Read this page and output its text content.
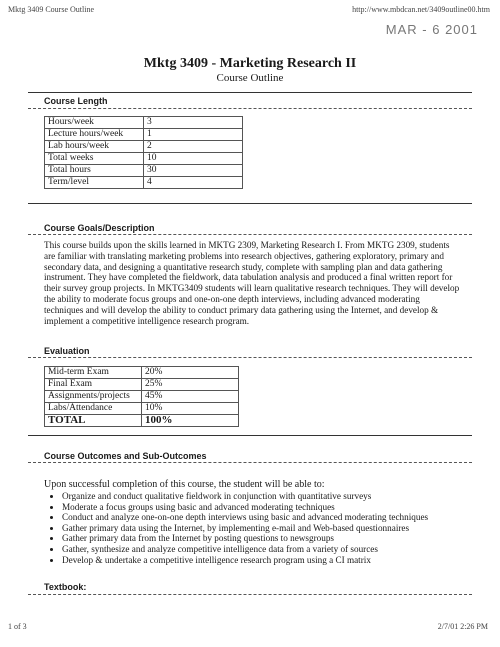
Mktg 3409 Course Outline	http://www.mbdcan.net/3409outline00.htm
MAR - 6 2001
Mktg 3409 - Marketing Research II
Course Outline
Course Length
Hours/week	3
Lecture hours/week	1
Lab hours/week	2
Total weeks	10
Total hours	30
Term/level	4
Course Goals/Description
This course builds upon the skills learned in MKTG 2309, Marketing Research I. From MKTG 2309, students are familiar with translating marketing problems into research objectives, gathering exploratory, primary and secondary data, and designing a quantitative research study, complete with sampling plan and data gathering instrument. They have completed the fieldwork, data tabulation analysis and produced a final written report for their survey group projects. In MKTG3409 students will learn qualitative research techniques. They will develop the ability to moderate focus groups and one-on-one depth interviews, including advanced moderating techniques and will develop the ability to conduct primary data gathering using the Internet, and develop & implement a competitive intelligence research program.
Evaluation
Mid-term Exam	20%
Final Exam	25%
Assignments/projects	45%
Labs/Attendance	10%
TOTAL	100%
Course Outcomes and Sub-Outcomes
Upon successful completion of this course, the student will be able to:
• Organize and conduct qualitative fieldwork in conjunction with quantitative surveys
• Moderate a focus groups using basic and advanced moderating techniques
• Conduct and analyze one-on-one depth interviews using basic and advanced moderating techniques
• Gather primary data using the Internet, by implementing e-mail and Web-based questionnaires
• Gather primary data from the Internet by posting questions to newsgroups
• Gather, synthesize and analyze competitive intelligence data from a variety of sources
• Develop & undertake a competitive intelligence research program using a CI matrix
Textbook:
1 of 3	2/7/01 2:26 PM
